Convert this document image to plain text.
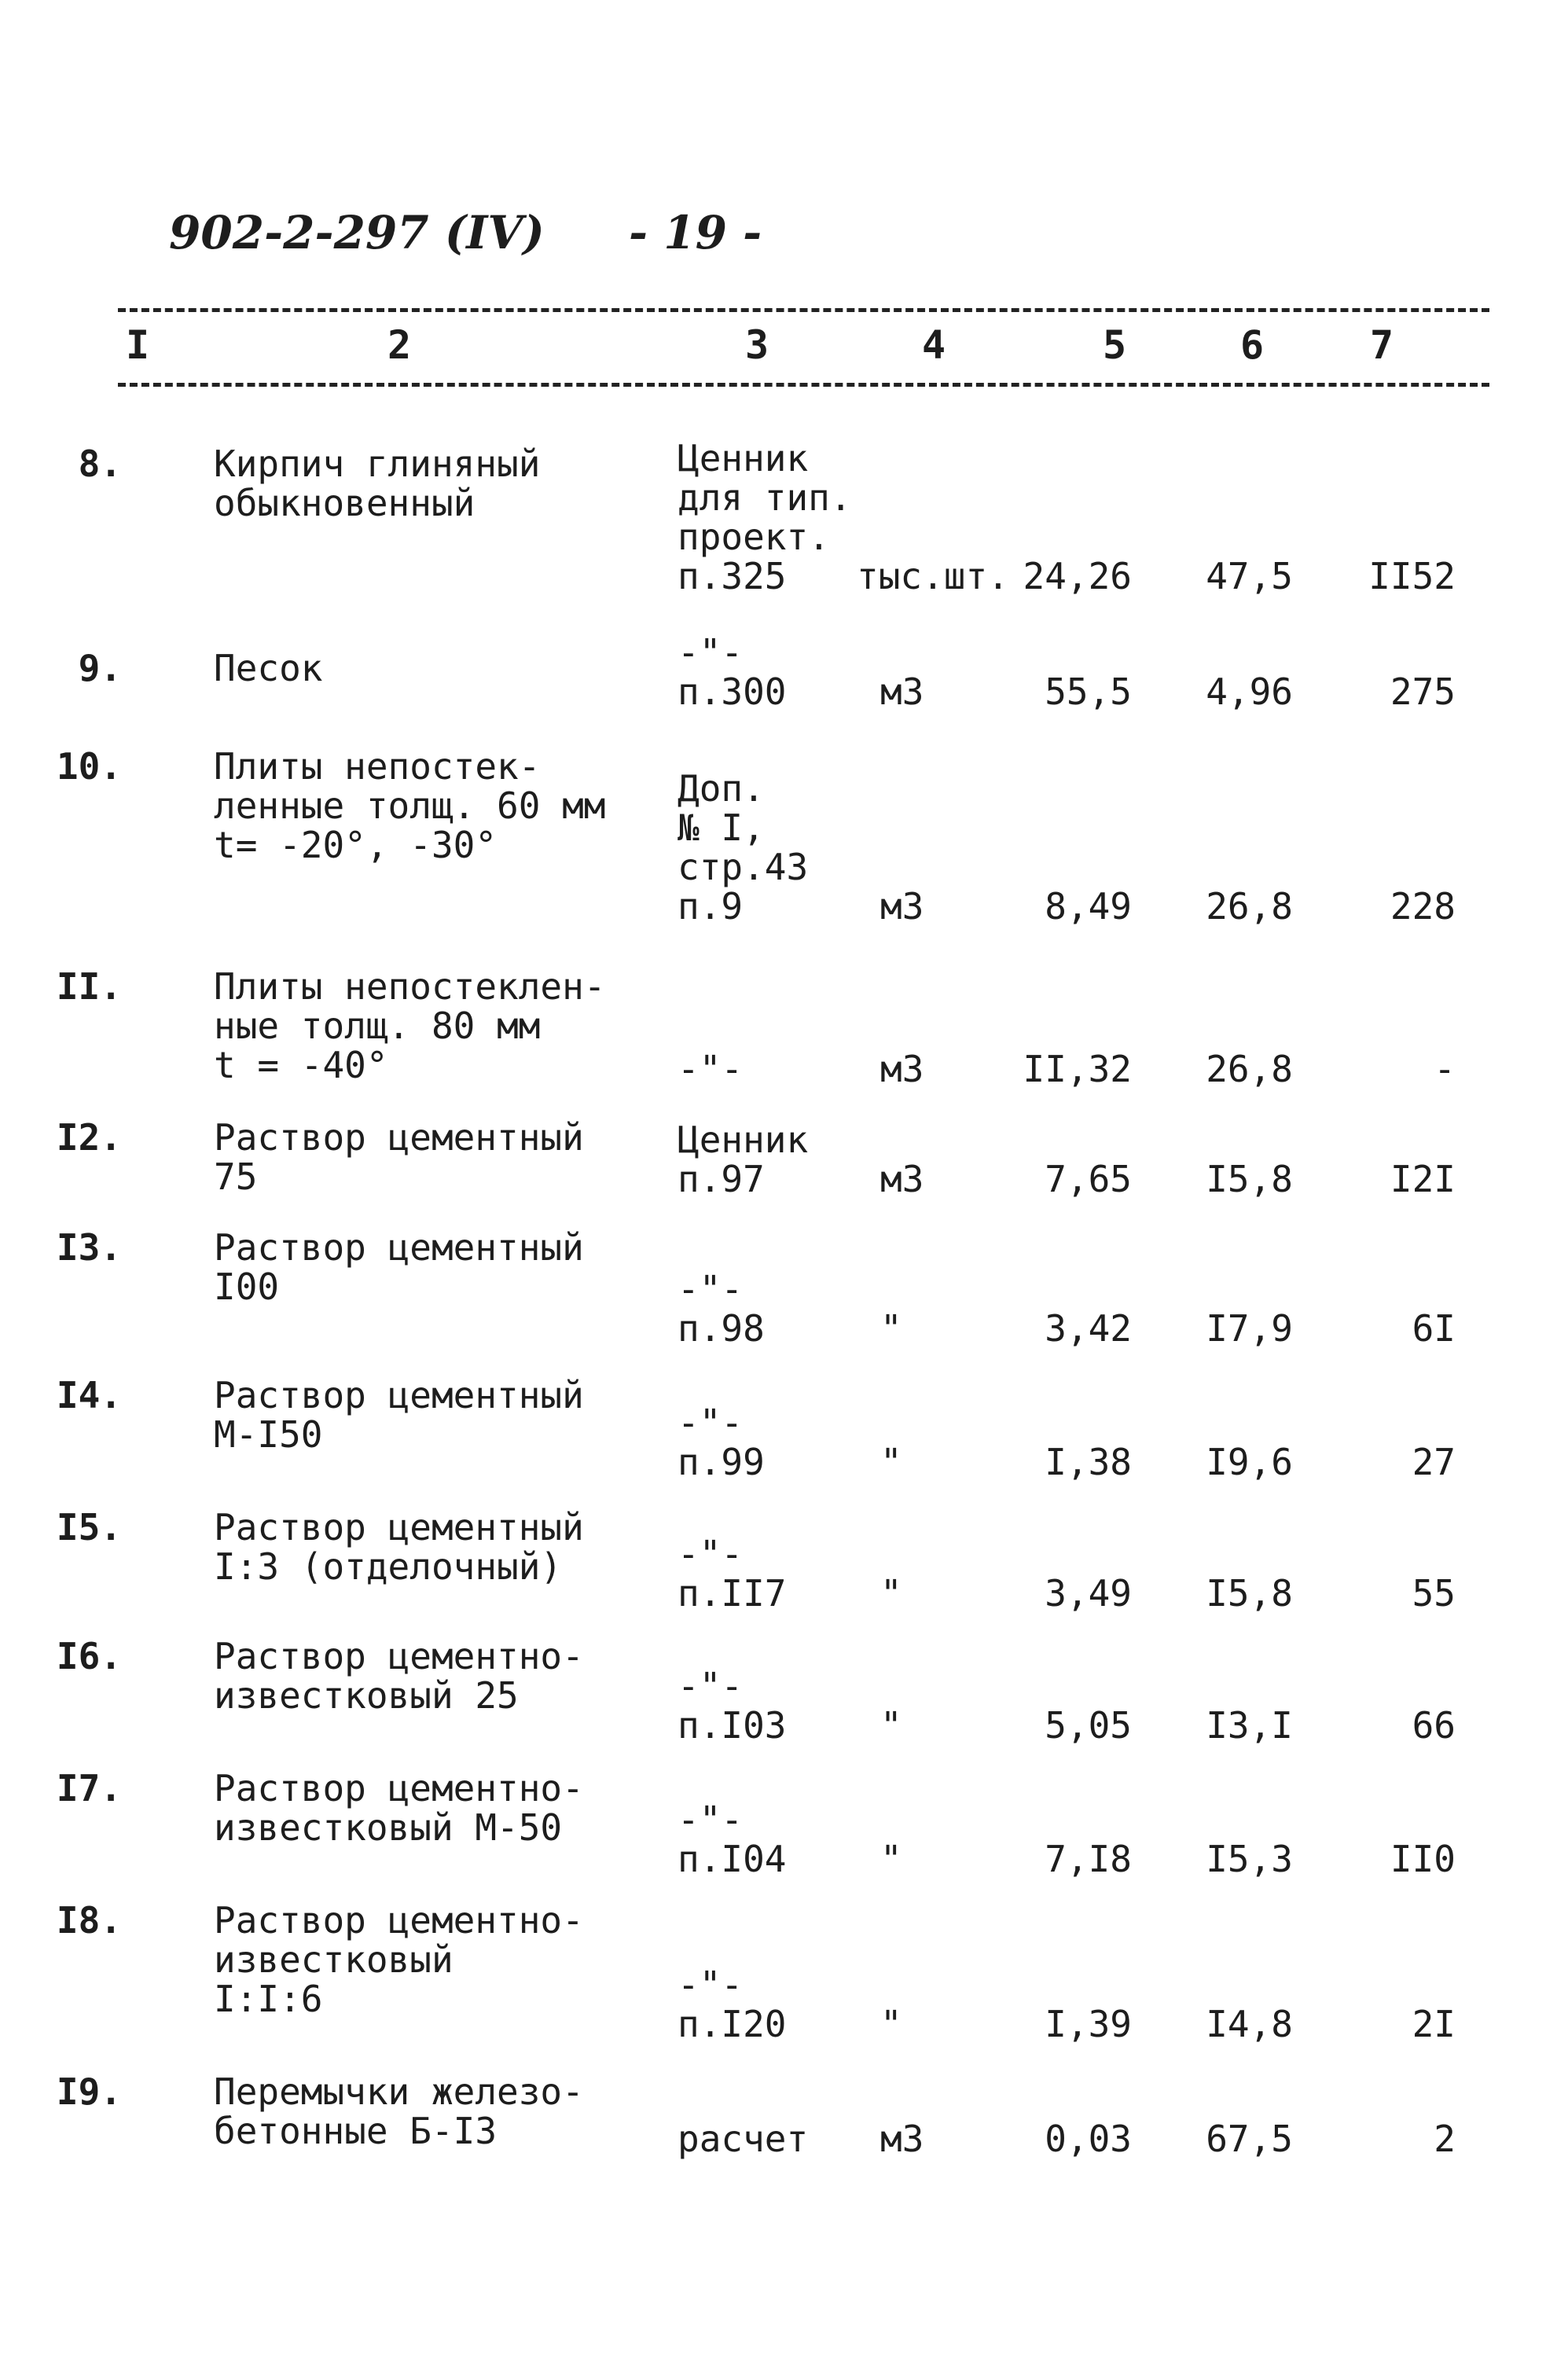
902-2-297 (IV) - 19 -
I	2	3	4	5	6	7
8.	Кирпич глиняный
обыкновенный
Ценник
для тип.
проект.
п.325 тыс.шт. 24,26	47,5	II52
9.	Песок	-"-
п.300	м3	55,5	4,96	275
10.	Плиты непостек-
ленные толщ. 60 мм
t= -20°, -30°
Доп.
№ I,
стр.43
п.9	м3	8,49	26,8	228
II.	Плиты непостеклен-
ные толщ. 80 мм
t = -40°	-"-	м3	II,32	26,8	-
I2.	Раствор цементный
75
Ценник
п.97	м3	7,65	I5,8	I2I
I3.	Раствор цементный
I00	-"-
п.98	"	3,42	I7,9	6I
I4.	Раствор цементный
М-I50	-"-
п.99	"	I,38	I9,6	27
I5.	Раствор цементный
I:3 (отделочный)	-"-
п.II7	"	3,49	I5,8	55
I6.	Раствор цементно-
известковый 25	-"-
п.I03	"	5,05	I3,I	66
I7.	Раствор цементно-
известковый М-50	-"-
п.I04	"	7,I8	I5,3	II0
I8.	Раствор цементно-
известковый
I:I:6	-"-
п.I20	"	I,39	I4,8	2I
I9.	Перемычки железо-
бетонные Б-I3	расчет м3	0,03	67,5	2
